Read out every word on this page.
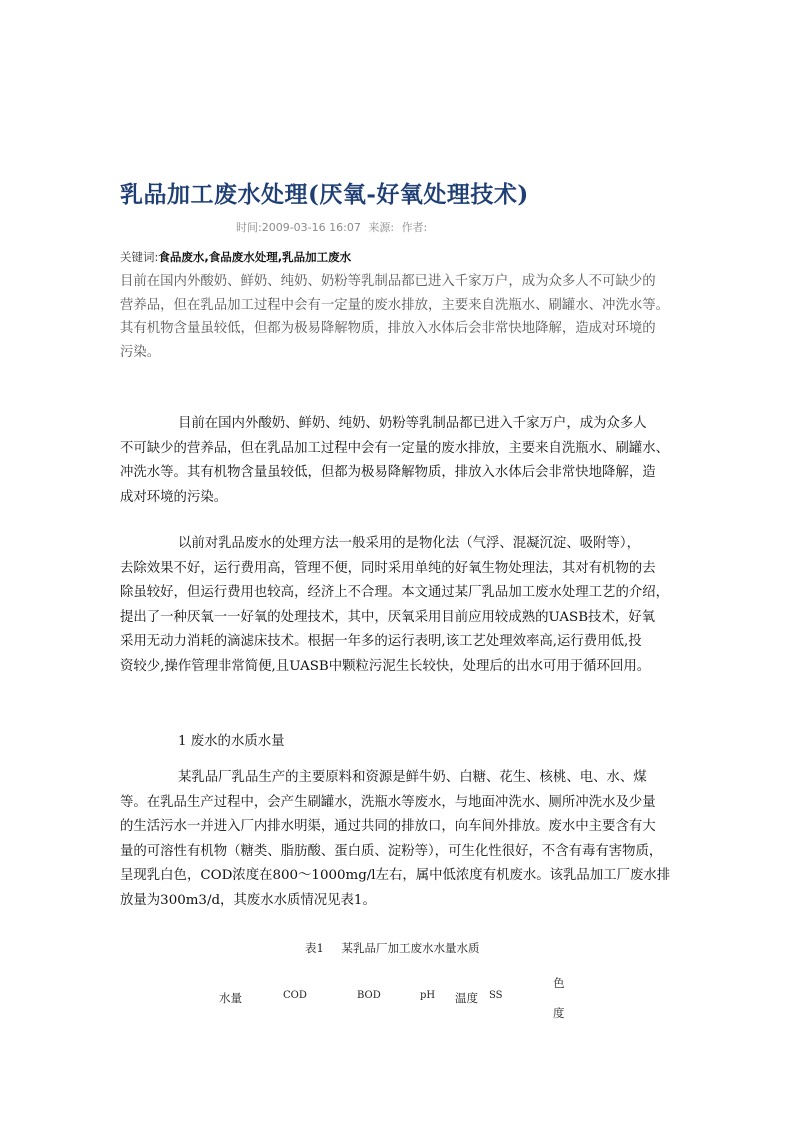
乳品加工废水处理(厌氧-好氧处理技术)
时间:2009-03-16 16:07 来源: 作者:
关键词:食品废水,食品废水处理,乳品加工废水
目前在国内外酸奶、鲜奶、纯奶、奶粉等乳制品都已进入千家万户，成为众多人不可缺少的
营养品，但在乳品加工过程中会有一定量的废水排放，主要来自洗瓶水、刷罐水、冲洗水等。
其有机物含量虽较低，但都为极易降解物质，排放入水体后会非常快地降解，造成对环境的
污染。
目前在国内外酸奶、鲜奶、纯奶、奶粉等乳制品都已进入千家万户，成为众多人
不可缺少的营养品，但在乳品加工过程中会有一定量的废水排放，主要来自洗瓶水、刷罐水、
冲洗水等。其有机物含量虽较低，但都为极易降解物质，排放入水体后会非常快地降解，造
成对环境的污染。
以前对乳品废水的处理方法一般采用的是物化法（气浮、混凝沉淀、吸附等），
去除效果不好，运行费用高，管理不便，同时采用单纯的好氧生物处理法，其对有机物的去
除虽较好，但运行费用也较高，经济上不合理。本文通过某厂乳品加工废水处理工艺的介绍，
提出了一种厌氧一一好氧的处理技术，其中，厌氧采用目前应用较成熟的UASB技术，好氧
采用无动力消耗的滴滤床技术。根据一年多的运行表明,该工艺处理效率高,运行费用低,投
资较少,操作管理非常简便,且UASB中颗粒污泥生长较快，处理后的出水可用于循环回用。
1 废水的水质水量
某乳品厂乳品生产的主要原料和资源是鲜牛奶、白糖、花生、核桃、电、水、煤
等。在乳品生产过程中，会产生刷罐水，洗瓶水等废水，与地面冲洗水、厕所冲洗水及少量
的生活污水一并进入厂内排水明渠，通过共同的排放口，向车间外排放。废水中主要含有大
量的可溶性有机物（糖类、脂肪酸、蛋白质、淀粉等），可生化性很好，不含有毒有害物质，
呈现乳白色，COD浓度在800～1000mg/l左右，属中低浓度有机废水。该乳品加工厂废水排
放量为300m3/d，其废水水质情况见表1。
表1 某乳品厂加工废水水量水质
水量	COD	BOD	pH 温度 SS
色
度
